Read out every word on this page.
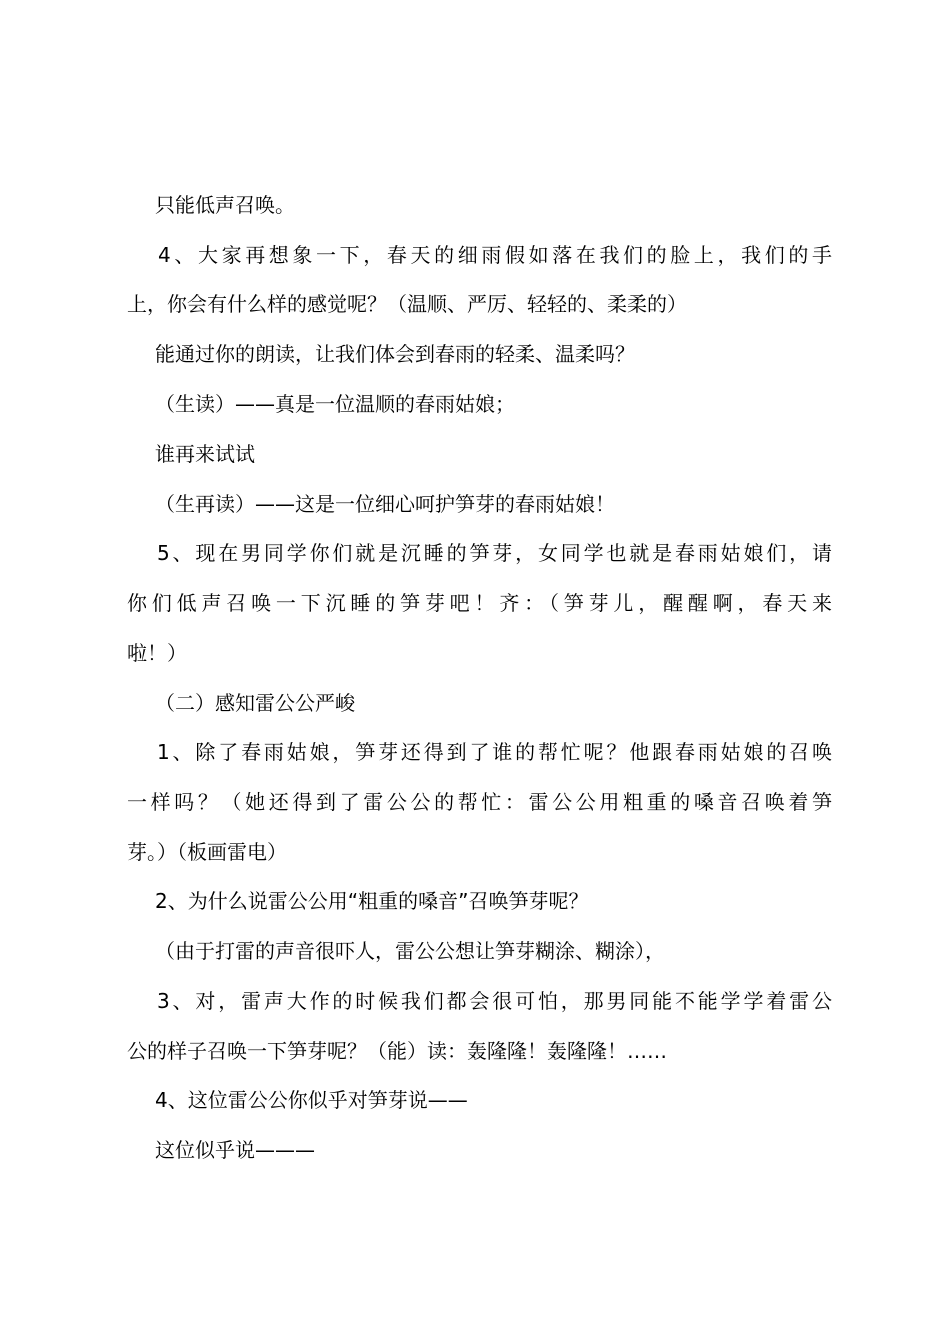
只能低声召唤。
4、大家再想象一下，春天的细雨假如落在我们的脸上，我们的手
上，你会有什么样的感觉呢？（温顺、严厉、轻轻的、柔柔的）
能通过你的朗读，让我们体会到春雨的轻柔、温柔吗？
（生读）——真是一位温顺的春雨姑娘；
谁再来试试
（生再读）——这是一位细心呵护笋芽的春雨姑娘！
5、现在男同学你们就是沉睡的笋芽，女同学也就是春雨姑娘们，请
你们低声召唤一下沉睡的笋芽吧！齐：（笋芽儿，醒醒啊，春天来
啦！）
（二）感知雷公公严峻
1、除了春雨姑娘，笋芽还得到了谁的帮忙呢？他跟春雨姑娘的召唤
一样吗？（她还得到了雷公公的帮忙：雷公公用粗重的嗓音召唤着笋
芽。）（板画雷电）
2、为什么说雷公公用“粗重的嗓音”召唤笋芽呢？
（由于打雷的声音很吓人，雷公公想让笋芽糊涂、糊涂），
3、对，雷声大作的时候我们都会很可怕，那男同能不能学学着雷公
公的样子召唤一下笋芽呢？（能）读：轰隆隆！轰隆隆！……
4、这位雷公公你似乎对笋芽说——
这位似乎说———
